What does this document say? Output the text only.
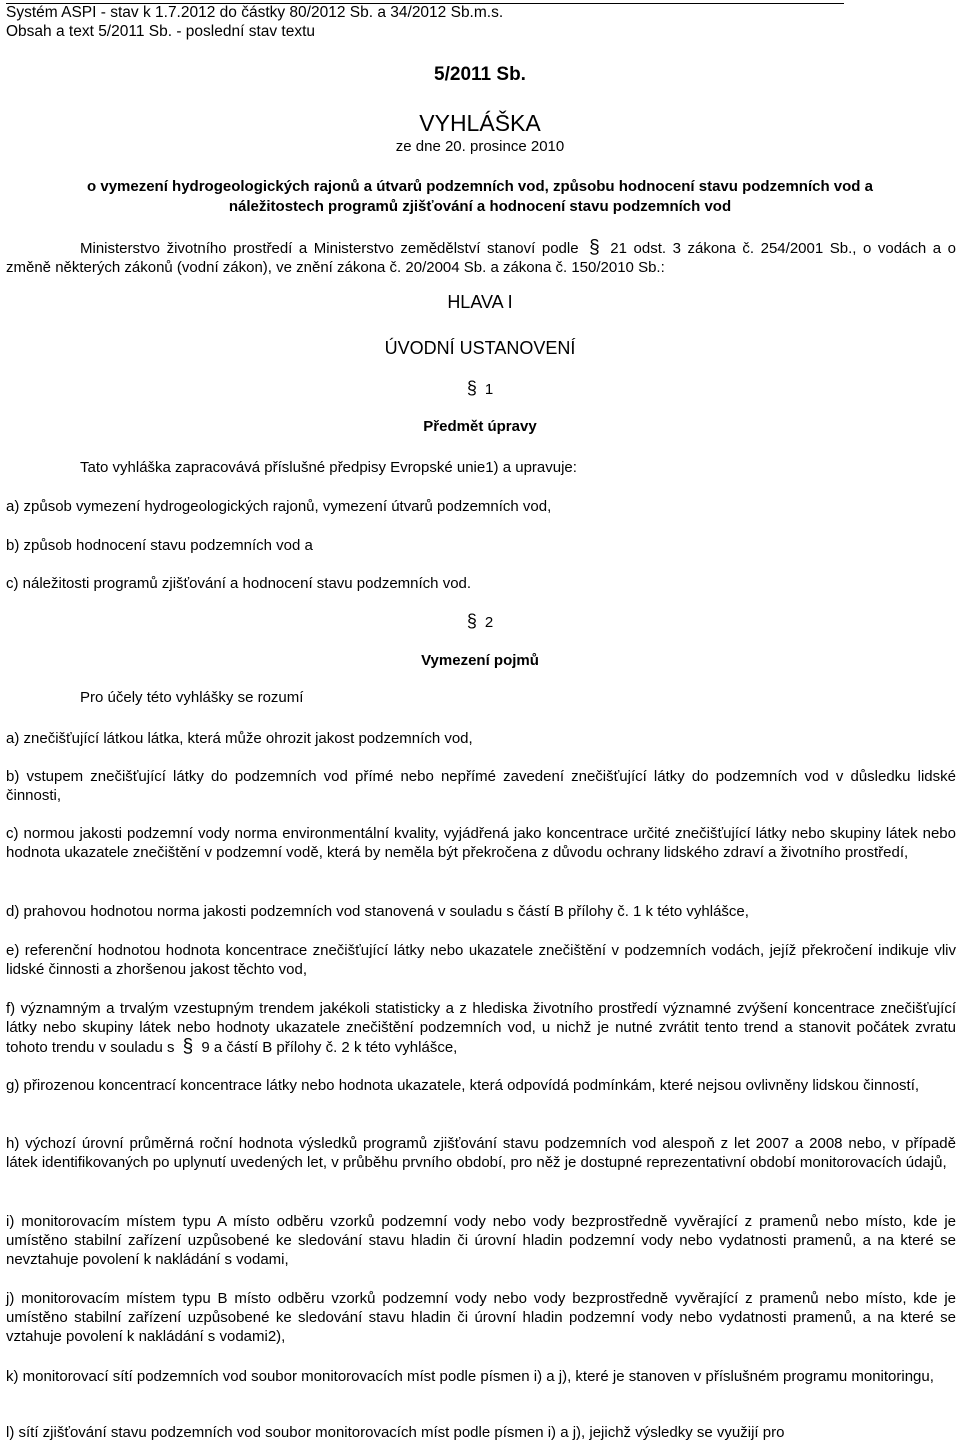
Systém ASPI - stav k 1.7.2012 do částky 80/2012 Sb. a 34/2012 Sb.m.s.
Obsah a text 5/2011 Sb. - poslední stav textu
5/2011 Sb.
VYHLÁŠKA
ze dne 20. prosince 2010
o vymezení hydrogeologických rajonů a útvarů podzemních vod, způsobu hodnocení stavu podzemních vod a
náležitostech programů zjišťování a hodnocení stavu podzemních vod
Ministerstvo životního prostředí a Ministerstvo zemědělství stanoví podle § 21 odst. 3 zákona č. 254/2001 Sb., o vodách a o změně některých zákonů (vodní zákon), ve znění zákona č. 20/2004 Sb. a zákona č. 150/2010 Sb.:
HLAVA I
ÚVODNÍ USTANOVENÍ
§ 1
Předmět úpravy
Tato vyhláška zapracovává příslušné předpisy Evropské unie1) a upravuje:
a) způsob vymezení hydrogeologických rajonů, vymezení útvarů podzemních vod,
b) způsob hodnocení stavu podzemních vod a
c) náležitosti programů zjišťování a hodnocení stavu podzemních vod.
§ 2
Vymezení pojmů
Pro účely této vyhlášky se rozumí
a) znečišťující látkou látka, která může ohrozit jakost podzemních vod,
b) vstupem znečišťující látky do podzemních vod přímé nebo nepřímé zavedení znečišťující látky do podzemních vod v důsledku lidské činnosti,
c) normou jakosti podzemní vody norma environmentální kvality, vyjádřená jako koncentrace určité znečišťující látky nebo skupiny látek nebo hodnota ukazatele znečištění v podzemní vodě, která by neměla být překročena z důvodu ochrany lidského zdraví a životního prostředí,
d) prahovou hodnotou norma jakosti podzemních vod stanovená v souladu s částí B přílohy č. 1 k této vyhlášce,
e) referenční hodnotou hodnota koncentrace znečišťující látky nebo ukazatele znečištění v podzemních vodách, jejíž překročení indikuje vliv lidské činnosti a zhoršenou jakost těchto vod,
f) významným a trvalým vzestupným trendem jakékoli statisticky a z hlediska životního prostředí významné zvýšení koncentrace znečišťující látky nebo skupiny látek nebo hodnoty ukazatele znečištění podzemních vod, u nichž je nutné zvrátit tento trend a stanovit počátek zvratu tohoto trendu v souladu s § 9 a částí B přílohy č. 2 k této vyhlášce,
g) přirozenou koncentrací koncentrace látky nebo hodnota ukazatele, která odpovídá podmínkám, které nejsou ovlivněny lidskou činností,
h) výchozí úrovní průměrná roční hodnota výsledků programů zjišťování stavu podzemních vod alespoň z let 2007 a 2008 nebo, v případě látek identifikovaných po uplynutí uvedených let, v průběhu prvního období, pro něž je dostupné reprezentativní období monitorovacích údajů,
i) monitorovacím místem typu A místo odběru vzorků podzemní vody nebo vody bezprostředně vyvěrající z pramenů nebo místo, kde je umístěno stabilní zařízení uzpůsobené ke sledování stavu hladin či úrovní hladin podzemní vody nebo vydatnosti pramenů, a na které se nevztahuje povolení k nakládání s vodami,
j) monitorovacím místem typu B místo odběru vzorků podzemní vody nebo vody bezprostředně vyvěrající z pramenů nebo místo, kde je umístěno stabilní zařízení uzpůsobené ke sledování stavu hladin či úrovní hladin podzemní vody nebo vydatnosti pramenů, a na které se vztahuje povolení k nakládání s vodami2),
k) monitorovací sítí podzemních vod soubor monitorovacích míst podle písmen i) a j), které je stanoven v příslušném programu monitoringu,
l) sítí zjišťování stavu podzemních vod soubor monitorovacích míst podle písmen i) a j), jejichž výsledky se využijí pro
